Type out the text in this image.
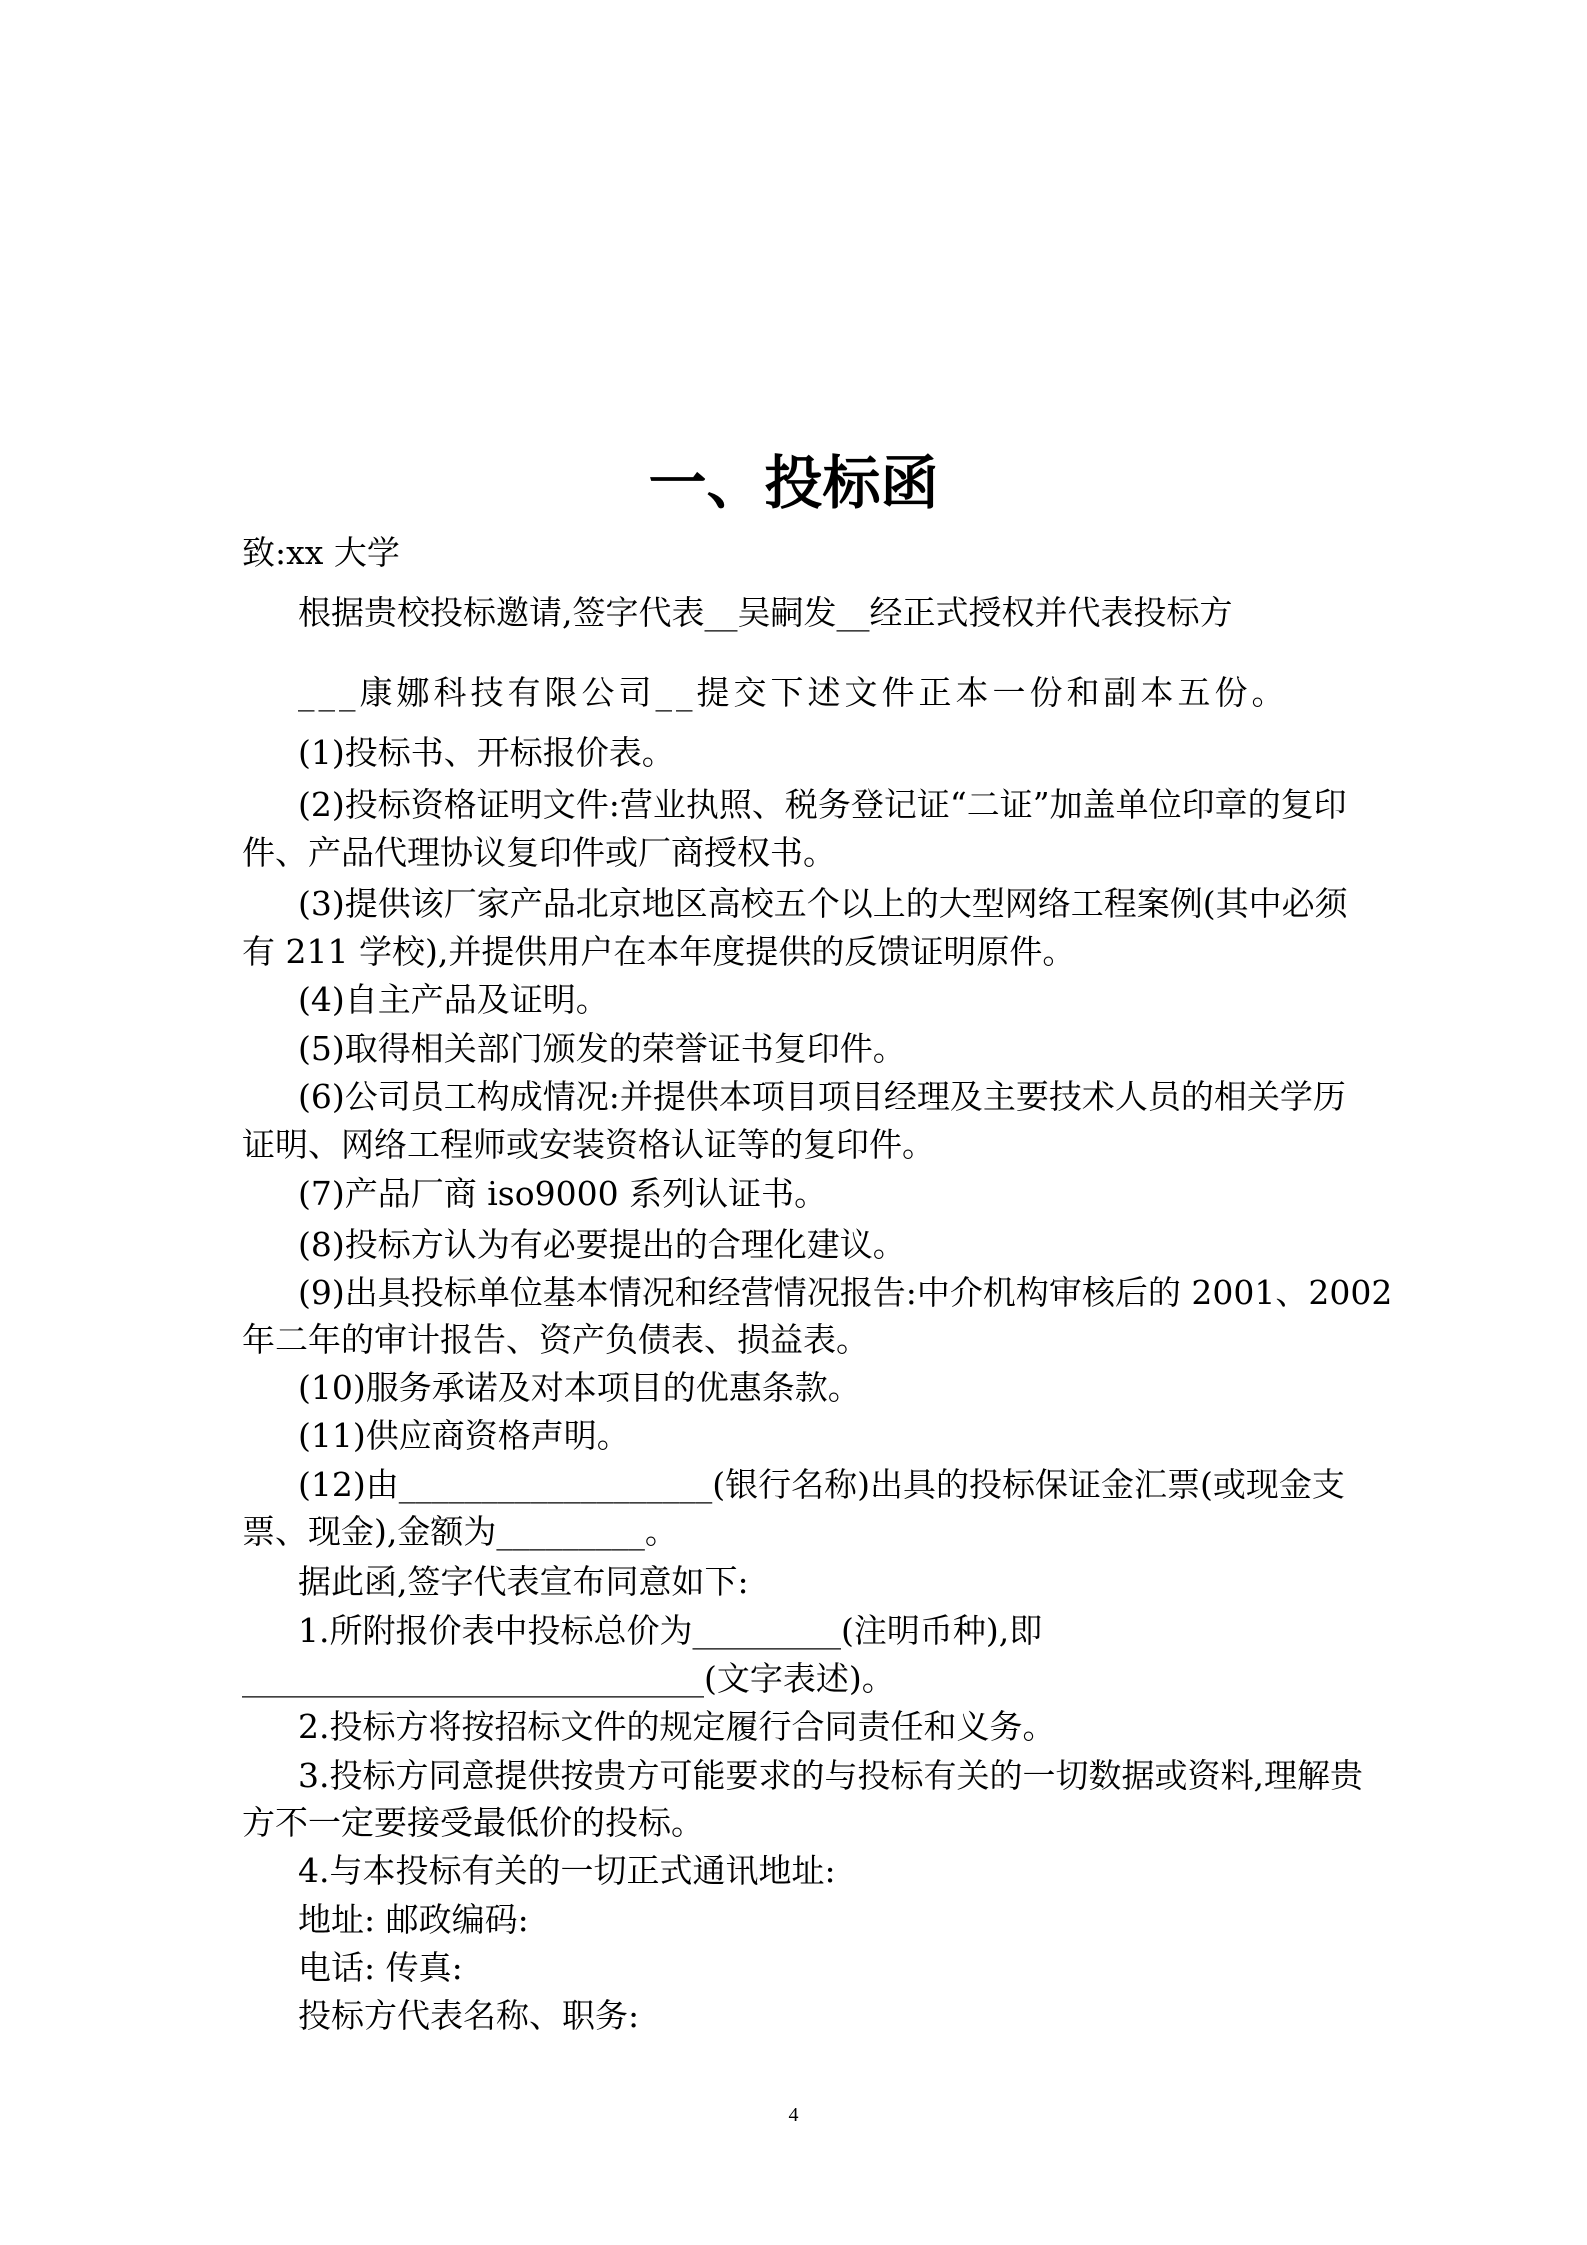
一、投标函
致:xx 大学
根据贵校投标邀请,签字代表__吴嗣发__经正式授权并代表投标方
___康娜科技有限公司__提交下述文件正本一份和副本五份。
(1)投标书、开标报价表。
(2)投标资格证明文件:营业执照、税务登记证“二证”加盖单位印章的复印
件、产品代理协议复印件或厂商授权书。
(3)提供该厂家产品北京地区高校五个以上的大型网络工程案例(其中必须
有 211 学校),并提供用户在本年度提供的反馈证明原件。
(4)自主产品及证明。
(5)取得相关部门颁发的荣誉证书复印件。
(6)公司员工构成情况:并提供本项目项目经理及主要技术人员的相关学历
证明、网络工程师或安装资格认证等的复印件。
(7)产品厂商 iso9000 系列认证书。
(8)投标方认为有必要提出的合理化建议。
(9)出具投标单位基本情况和经营情况报告:中介机构审核后的 2001、2002
年二年的审计报告、资产负债表、损益表。
(10)服务承诺及对本项目的优惠条款。
(11)供应商资格声明。
(12)由___________________(银行名称)出具的投标保证金汇票(或现金支
票、现金),金额为_________。
据此函,签字代表宣布同意如下:
1.所附报价表中投标总价为_________(注明币种),即
____________________________(文字表述)。
2.投标方将按招标文件的规定履行合同责任和义务。
3.投标方同意提供按贵方可能要求的与投标有关的一切数据或资料,理解贵
方不一定要接受最低价的投标。
4.与本投标有关的一切正式通讯地址:
地址: 邮政编码:
电话: 传真:
投标方代表名称、职务:
4
